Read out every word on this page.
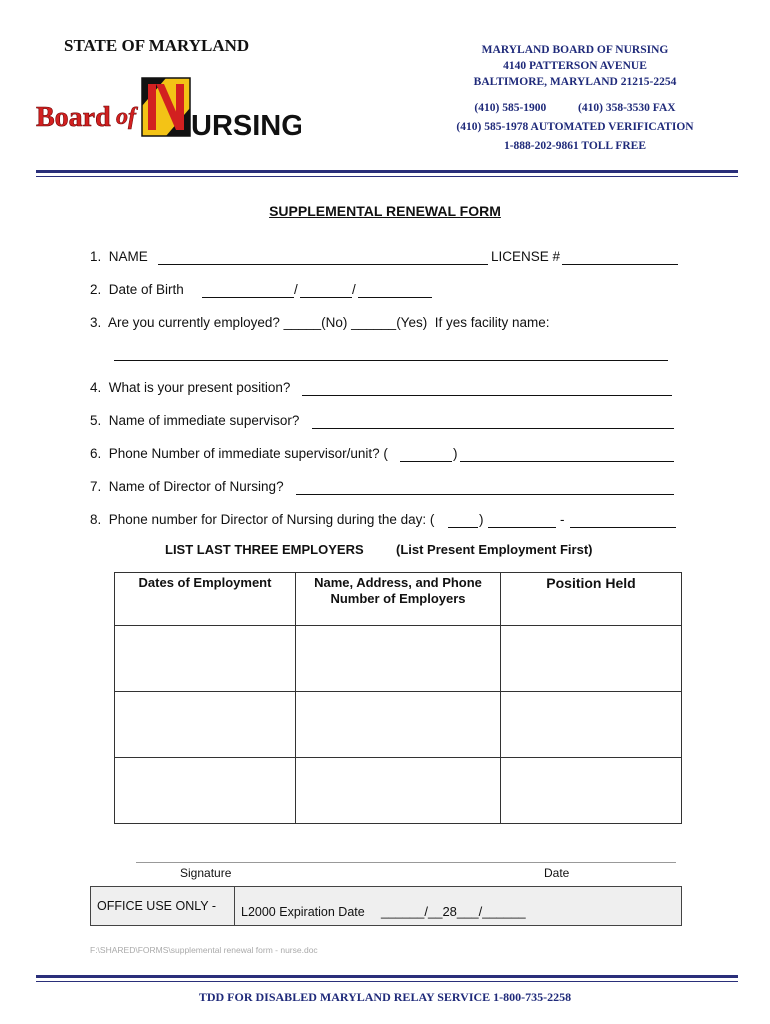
STATE OF MARYLAND	MARYLAND BOARD OF NURSING
4140 PATTERSON AVENUE
BALTIMORE, MARYLAND 21215-2254
(410) 585-1900	(410) 358-3530 FAX
(410) 585-1978 AUTOMATED VERIFICATION
1-888-202-9861 TOLL FREE
Board of URSING
SUPPLEMENTAL RENEWAL FORM
1.  NAME	LICENSE #
2.  Date of Birth	/	/
3.  Are you currently employed? _____(No) ______(Yes)  If yes facility name:
4.  What is your present position?
5.  Name of immediate supervisor?
6.  Phone Number of immediate supervisor/unit? (	)
7.  Name of Director of Nursing?
8.  Phone number for Director of Nursing during the day: (	)	-
LIST LAST THREE EMPLOYERS (List Present Employment First)
Dates of Employment	Name, Address, and Phone Number of Employers	Position Held

Signature	Date
OFFICE USE ONLY -	L2000 Expiration Date ______/__28___/______
F:\SHARED\FORMS\supplemental renewal form - nurse.doc
TDD FOR DISABLED MARYLAND RELAY SERVICE 1-800-735-2258
